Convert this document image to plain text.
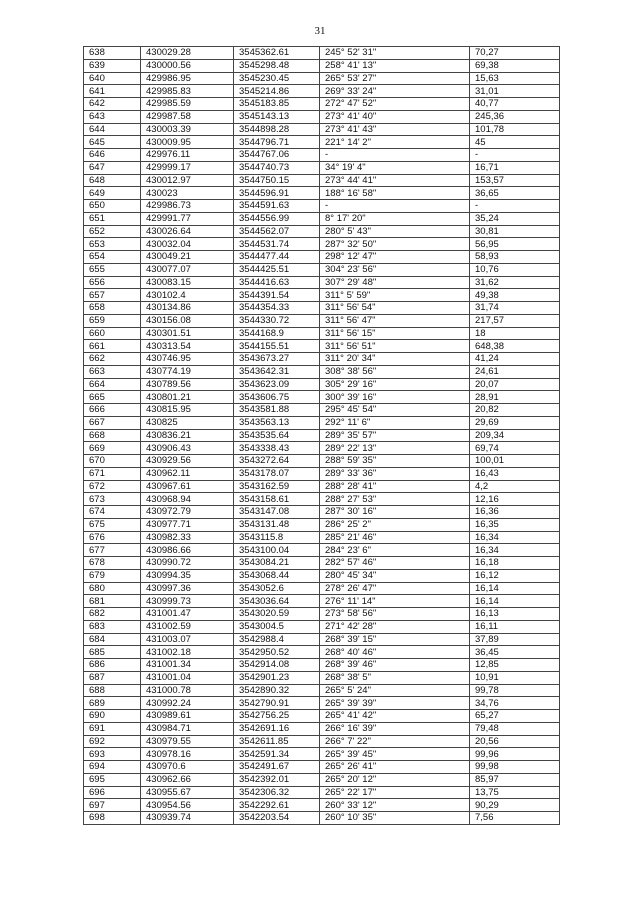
31
638	430029.28	3545362.61	245° 52' 31"	70,27
639	430000.56	3545298.48	258° 41' 13"	69,38
640	429986.95	3545230.45	265° 53' 27"	15,63
641	429985.83	3545214.86	269° 33' 24"	31,01
642	429985.59	3545183.85	272° 47' 52"	40,77
643	429987.58	3545143.13	273° 41' 40"	245,36
644	430003.39	3544898.28	273° 41' 43"	101,78
645	430009.95	3544796.71	221° 14' 2"	45
646	429976.11	3544767.06	-	-
647	429999.17	3544740.73	34° 19' 4"	16,71
648	430012.97	3544750.15	273° 44' 41"	153,57
649	430023	3544596.91	188° 16' 58"	36,65
650	429986.73	3544591.63	-	-
651	429991.77	3544556.99	8° 17' 20"	35,24
652	430026.64	3544562.07	280° 5' 43"	30,81
653	430032.04	3544531.74	287° 32' 50"	56,95
654	430049.21	3544477.44	298° 12' 47"	58,93
655	430077.07	3544425.51	304° 23' 56"	10,76
656	430083.15	3544416.63	307° 29' 48"	31,62
657	430102.4	3544391.54	311° 5' 59"	49,38
658	430134.86	3544354.33	311° 56' 54"	31,74
659	430156.08	3544330.72	311° 56' 47"	217,57
660	430301.51	3544168.9	311° 56' 15"	18
661	430313.54	3544155.51	311° 56' 51"	648,38
662	430746.95	3543673.27	311° 20' 34"	41,24
663	430774.19	3543642.31	308° 38' 56"	24,61
664	430789.56	3543623.09	305° 29' 16"	20,07
665	430801.21	3543606.75	300° 39' 16"	28,91
666	430815.95	3543581.88	295° 45' 54"	20,82
667	430825	3543563.13	292° 11' 6"	29,69
668	430836.21	3543535.64	289° 35' 57"	209,34
669	430906.43	3543338.43	289° 22' 13"	69,74
670	430929.56	3543272.64	288° 59' 35"	100,01
671	430962.11	3543178.07	289° 33' 36"	16,43
672	430967.61	3543162.59	288° 28' 41"	4,2
673	430968.94	3543158.61	288° 27' 53"	12,16
674	430972.79	3543147.08	287° 30' 16"	16,36
675	430977.71	3543131.48	286° 25' 2"	16,35
676	430982.33	3543115.8	285° 21' 46"	16,34
677	430986.66	3543100.04	284° 23' 6"	16,34
678	430990.72	3543084.21	282° 57' 46"	16,18
679	430994.35	3543068.44	280° 45' 34"	16,12
680	430997.36	3543052.6	278° 26' 47"	16,14
681	430999.73	3543036.64	276° 11' 14"	16,14
682	431001.47	3543020.59	273° 58' 56"	16,13
683	431002.59	3543004.5	271° 42' 28"	16,11
684	431003.07	3542988.4	268° 39' 15"	37,89
685	431002.18	3542950.52	268° 40' 46"	36,45
686	431001.34	3542914.08	268° 39' 46"	12,85
687	431001.04	3542901.23	268° 38' 5"	10,91
688	431000.78	3542890.32	265° 5' 24"	99,78
689	430992.24	3542790.91	265° 39' 39"	34,76
690	430989.61	3542756.25	265° 41' 42"	65,27
691	430984.71	3542691.16	266° 16' 39"	79,48
692	430979.55	3542611.85	266° 7' 22"	20,56
693	430978.16	3542591.34	265° 39' 45"	99,96
694	430970.6	3542491.67	265° 26' 41"	99,98
695	430962.66	3542392.01	265° 20' 12"	85,97
696	430955.67	3542306.32	265° 22' 17"	13,75
697	430954.56	3542292.61	260° 33' 12"	90,29
698	430939.74	3542203.54	260° 10' 35"	7,56
